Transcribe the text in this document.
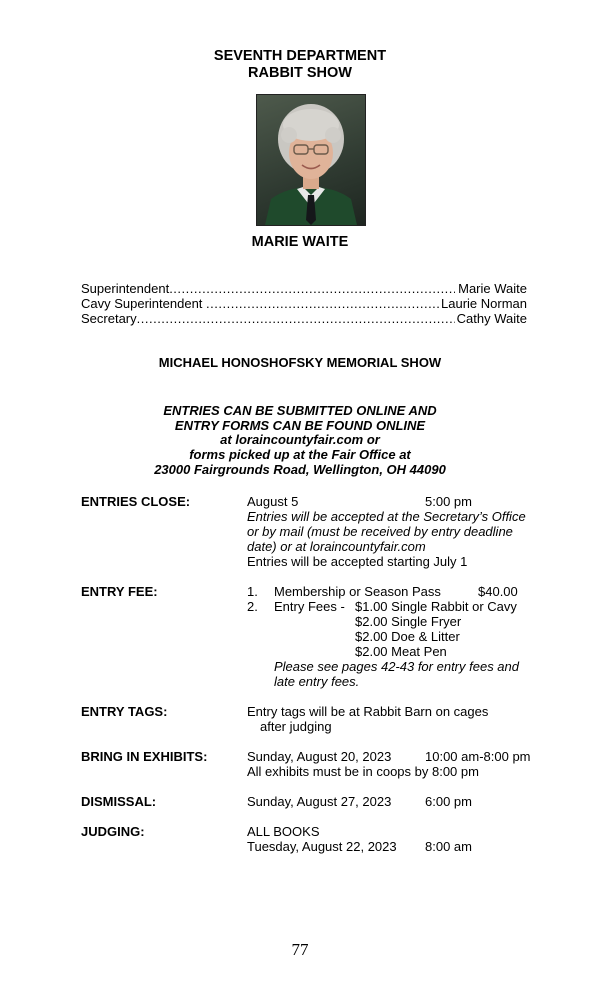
SEVENTH DEPARTMENT
RABBIT SHOW
MARIE WAITE
Superintendent .....	Marie Waite
Cavy Superintendent .....	Laurie Norman
Secretary .....	Cathy Waite
MICHAEL HONOSHOFSKY MEMORIAL SHOW
ENTRIES CAN BE SUBMITTED ONLINE AND
ENTRY FORMS CAN BE FOUND ONLINE
at loraincountyfair.com or
forms picked up at the Fair Office at
23000 Fairgrounds Road, Wellington, OH 44090
ENTRIES CLOSE:	August 5	5:00 pm
Entries will be accepted at the Secretary’s Office
or by mail (must be received by entry deadline
date) or at loraincountyfair.com
Entries will be accepted starting July 1
ENTRY FEE:	1. Membership or Season Pass	$40.00
2. Entry Fees - $1.00 Single Rabbit or Cavy
$2.00 Single Fryer
$2.00 Doe & Litter
$2.00 Meat Pen
Please see pages 42-43 for entry fees and
late entry fees.
ENTRY TAGS:	Entry tags will be at Rabbit Barn on cages
after judging
BRING IN EXHIBITS:	Sunday, August 20, 2023	10:00 am-8:00 pm
All exhibits must be in coops by 8:00 pm
DISMISSAL:	Sunday, August 27, 2023	6:00 pm
JUDGING:	ALL BOOKS
Tuesday, August 22, 2023 8:00 am
77
